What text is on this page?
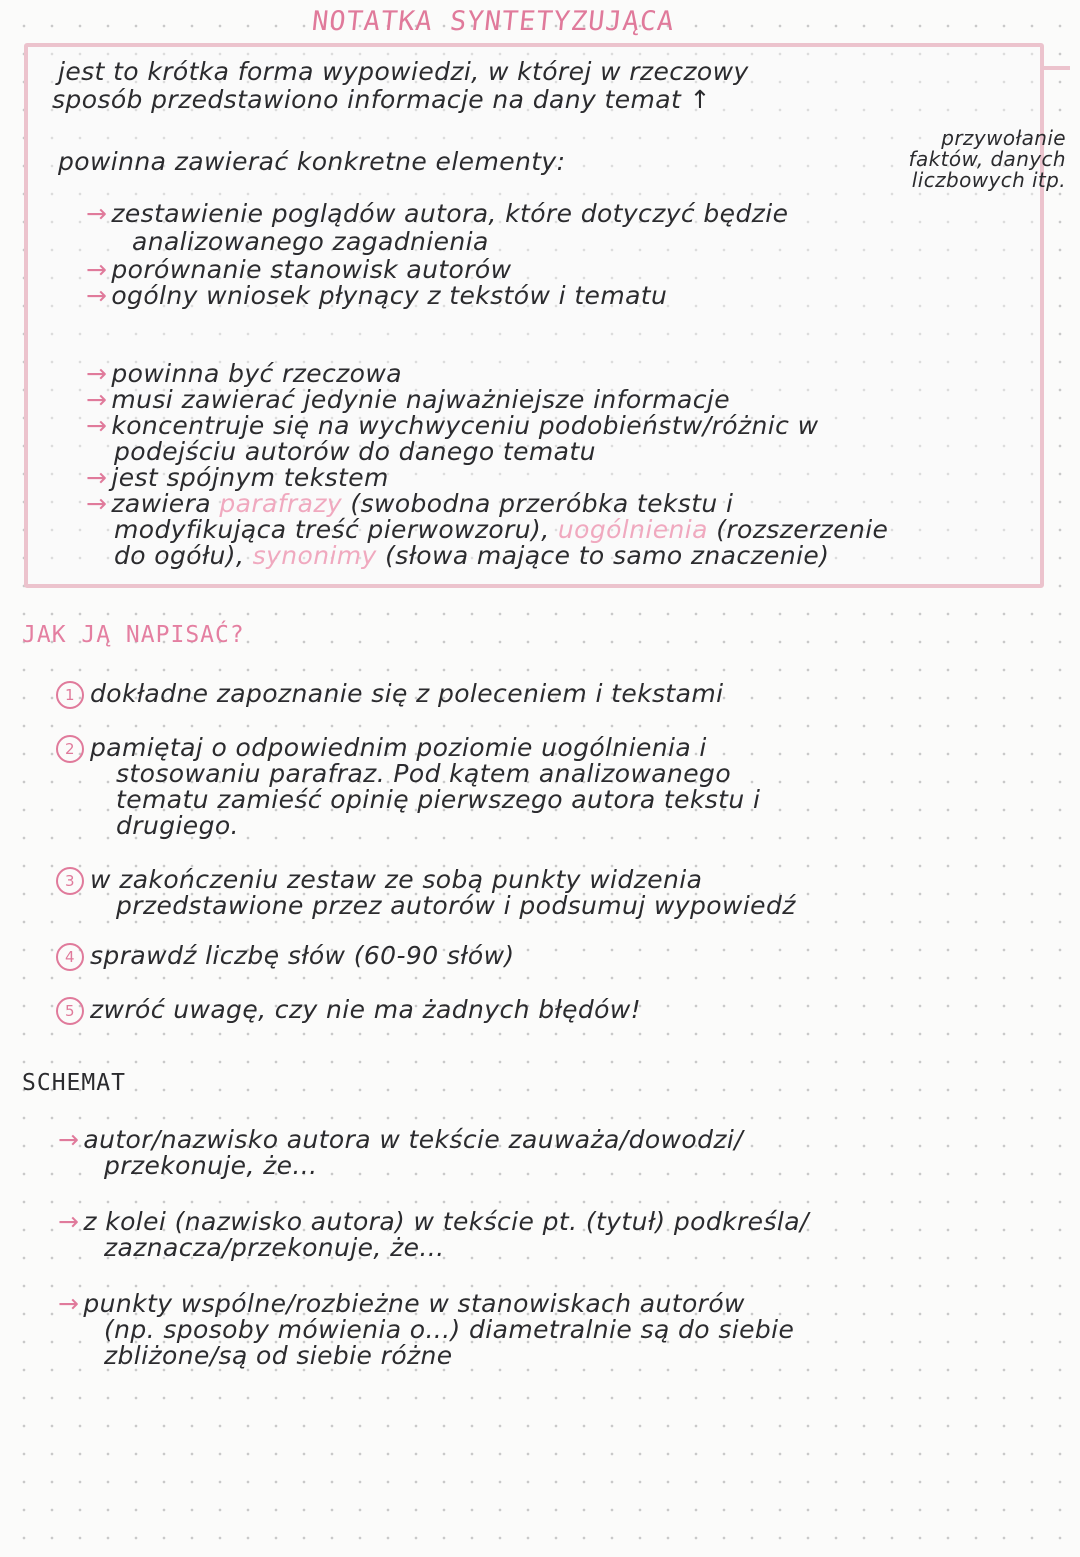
NOTATKA SYNTETYZUJĄCA
jest to krótka forma wypowiedzi, w której w rzeczowy
sposób przedstawiono informacje na dany temat ↑
przywołanie
faktów, danych
liczbowych itp.
powinna zawierać konkretne elementy:
→ zestawienie poglądów autora, które dotyczyć będzie
analizowanego zagadnienia
→ porównanie stanowisk autorów
→ ogólny wniosek płynący z tekstów i tematu
→ powinna być rzeczowa
→ musi zawierać jedynie najważniejsze informacje
→ koncentruje się na wychwyceniu podobieństw/różnic w
podejściu autorów do danego tematu
→ jest spójnym tekstem
→ zawiera parafrazy (swobodna przeróbka tekstu i
modyfikująca treść pierwowzoru), uogólnienia (rozszerzenie
do ogółu), synonimy (słowa mające to samo znaczenie)
JAK JĄ NAPISAĆ?
1 dokładne zapoznanie się z poleceniem i tekstami
2 pamiętaj o odpowiednim poziomie uogólnienia i
stosowaniu parafraz. Pod kątem analizowanego
tematu zamieść opinię pierwszego autora tekstu i
drugiego.
3 w zakończeniu zestaw ze sobą punkty widzenia
przedstawione przez autorów i podsumuj wypowiedź
4 sprawdź liczbę słów (60-90 słów)
5 zwróć uwagę, czy nie ma żadnych błędów!
SCHEMAT
→ autor/nazwisko autora w tekście zauważa/dowodzi/
przekonuje, że...
→ z kolei (nazwisko autora) w tekście pt. (tytuł) podkreśla/
zaznacza/przekonuje, że...
→ punkty wspólne/rozbieżne w stanowiskach autorów
(np. sposoby mówienia o...) diametralnie są do siebie
zbliżone/są od siebie różne
